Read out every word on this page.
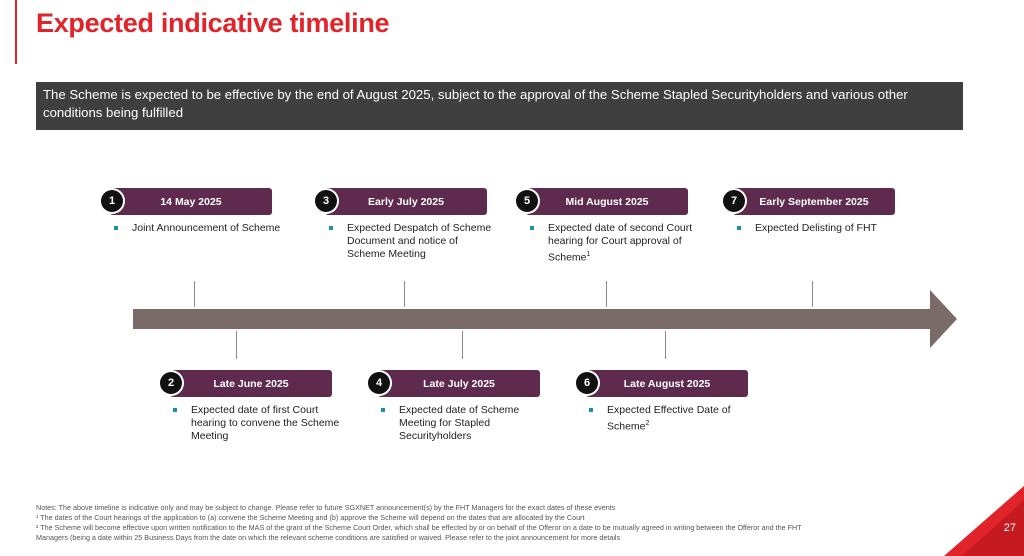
Expected indicative timeline
The Scheme is expected to be effective by the end of August 2025, subject to the approval of the Scheme Stapled Securityholders and various other
conditions being fulfilled
14 May 2025
1
Joint Announcement of Scheme
Early July 2025
3
Expected Despatch of Scheme
Document and notice of
Scheme Meeting
Mid August 2025
5
Expected date of second Court
hearing for Court approval of
Scheme$^1$
Early September 2025
7
Expected Delisting of FHT
Late June 2025
2
Expected date of first Court
hearing to convene the Scheme
Meeting
Late July 2025
4
Expected date of Scheme
Meeting for Stapled
Securityholders
Late August 2025
6
Expected Effective Date of
Scheme$^2$
Notes: The above timeline is indicative only and may be subject to change. Please refer to future SGXNET announcement(s) by the FHT Managers for the exact dates of these events
¹ The dates of the Court hearings of the application to (a) convene the Scheme Meeting and (b) approve the Scheme will depend on the dates that are allocated by the Court
² The Scheme will become effective upon written notification to the MAS of the grant of the Scheme Court Order, which shall be effected by or on behalf of the Offeror on a date to be mutually agreed in writing between the Offeror and the FHT
Managers (being a date within 25 Business Days from the date on which the relevant scheme conditions are satisfied or waived. Please refer to the joint announcement for more details
27
